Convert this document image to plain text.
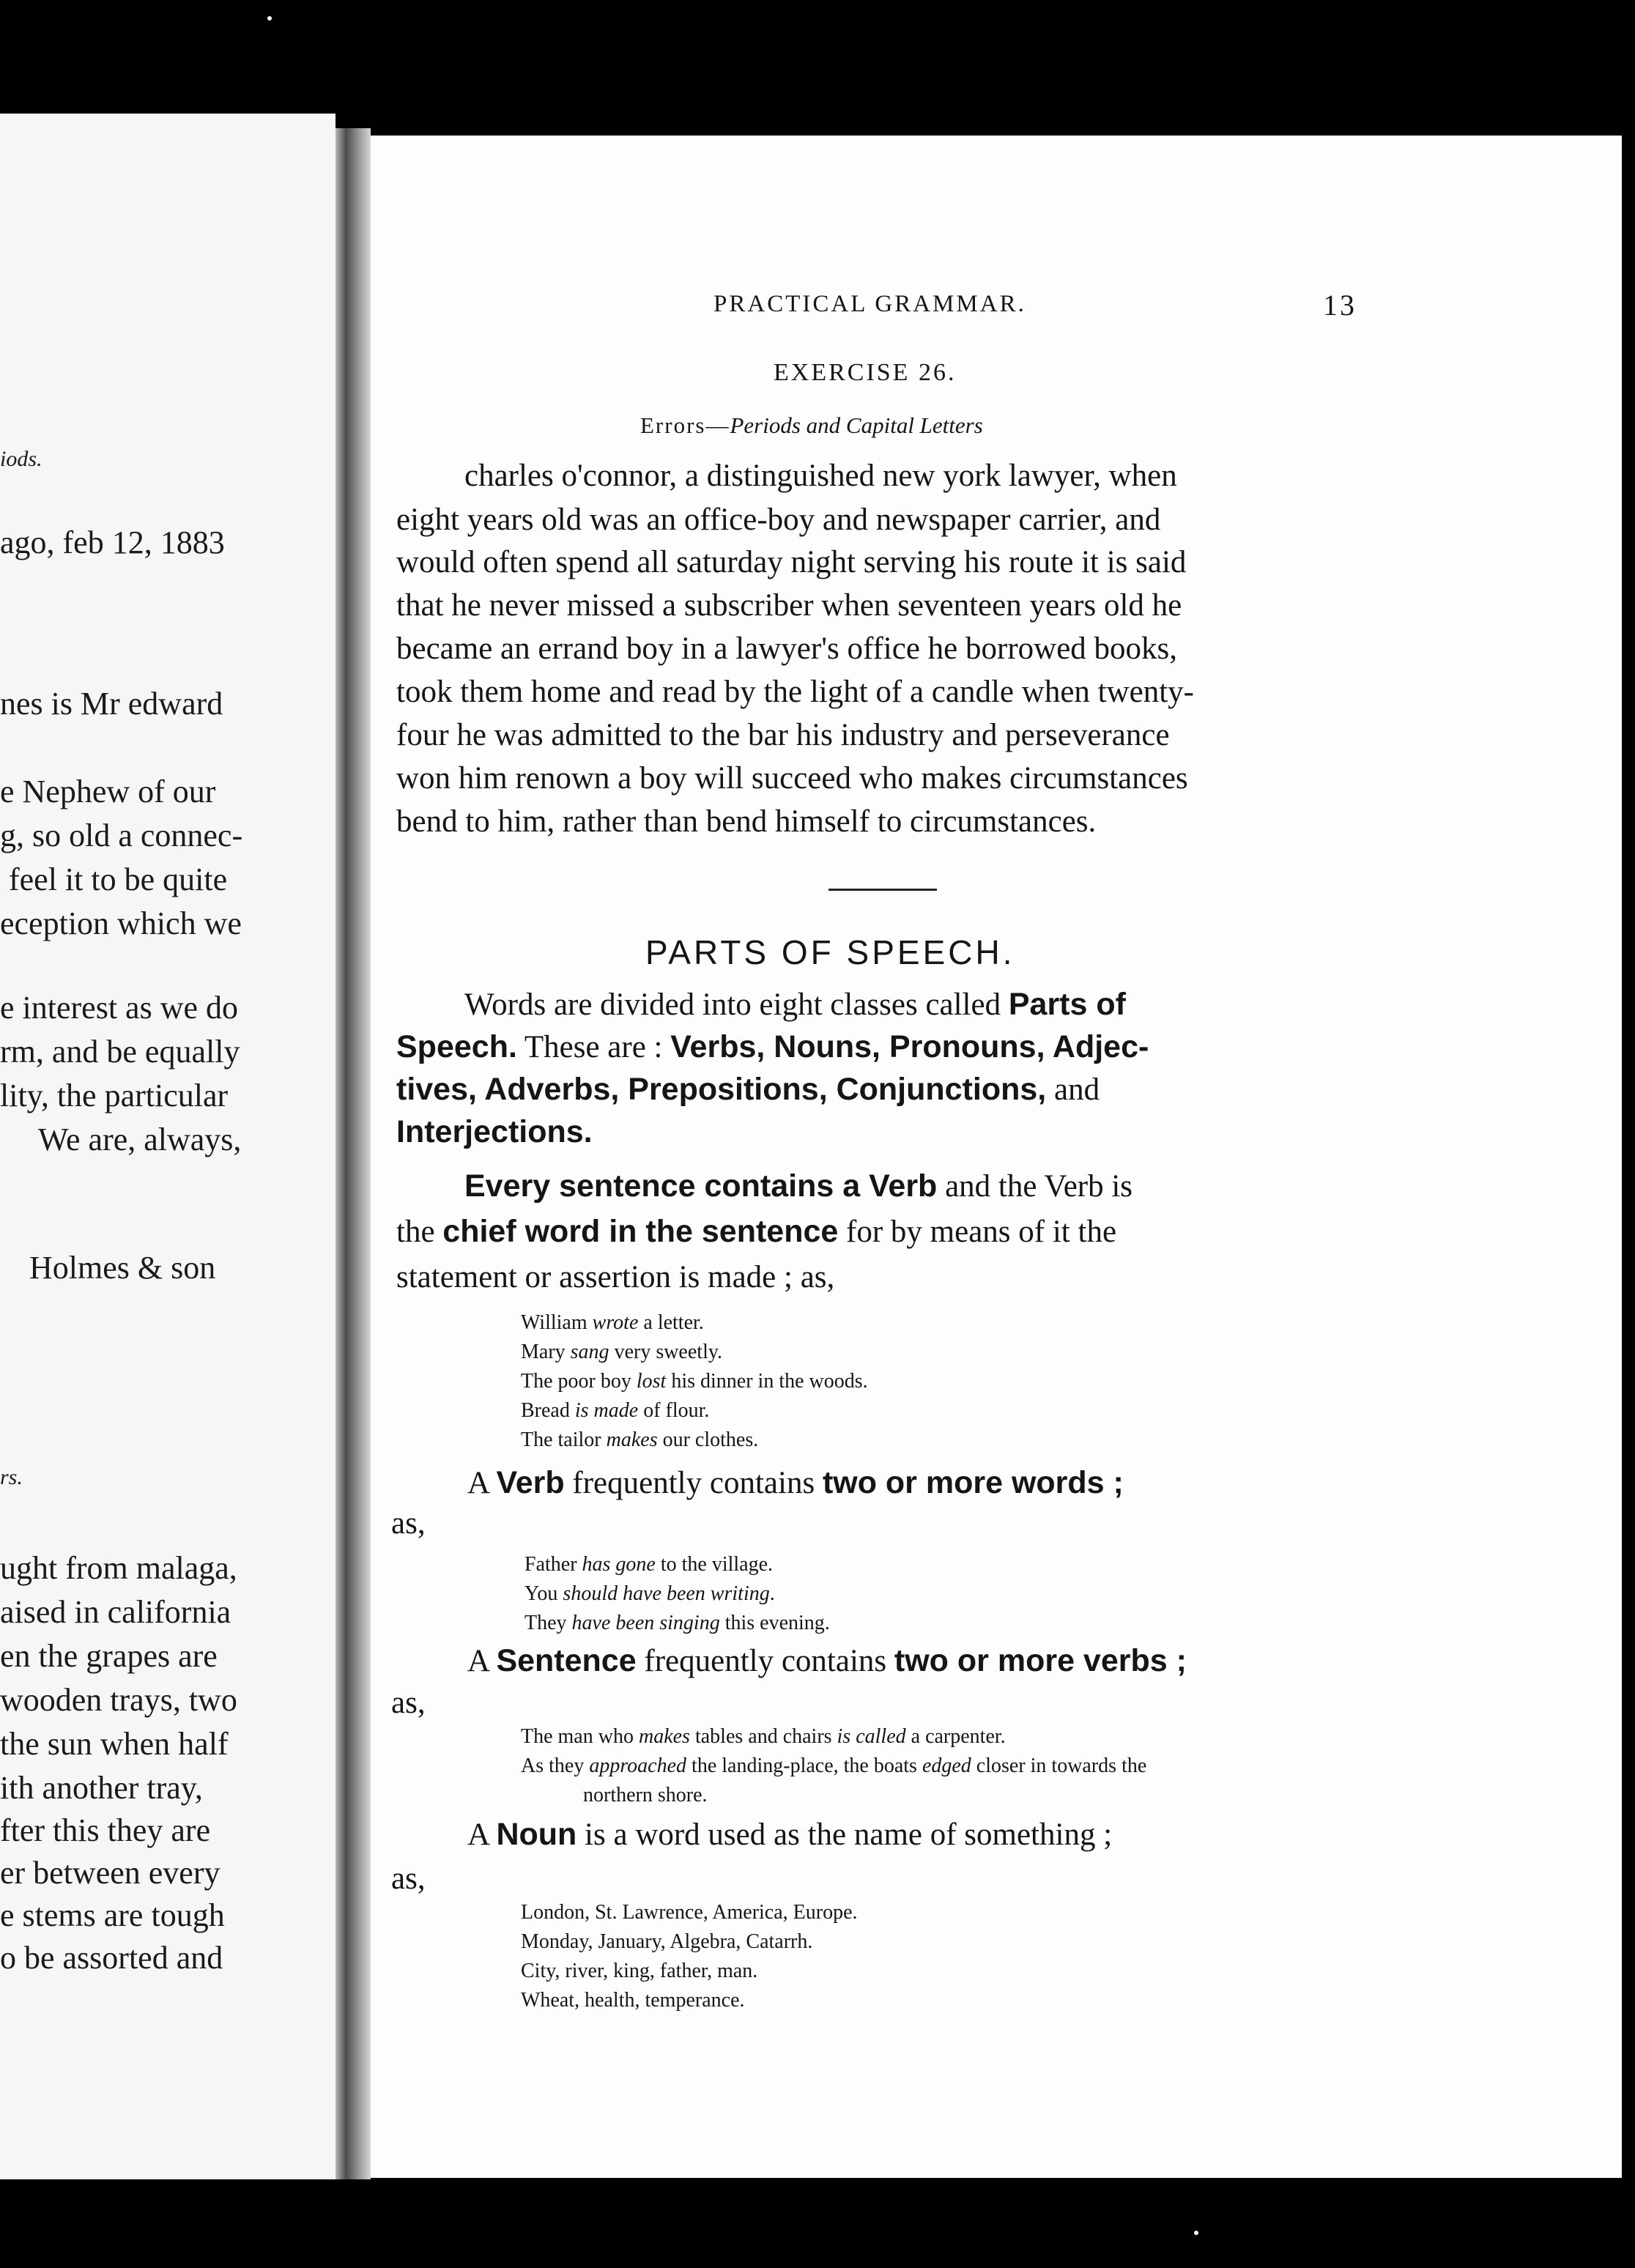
iods.
ago, feb 12, 1883
nes is Mr edward
e Nephew of our
g, so old a connec-
feel it to be quite
eception which we
e interest as we do
rm, and be equally
lity, the particular
We are, always,
Holmes & son
rs.
ught from malaga,
aised in california
en the grapes are
wooden trays, two
the sun when half
ith another tray,
fter this they are
er between every
e stems are tough
o be assorted and
PRACTICAL GRAMMAR.	13
EXERCISE 26.
Errors—Periods and Capital Letters
charles o'connor, a distinguished new york lawyer, when
eight years old was an office-boy and newspaper carrier, and
would often spend all saturday night serving his route it is said
that he never missed a subscriber when seventeen years old he
became an errand boy in a lawyer's office he borrowed books,
took them home and read by the light of a candle when twenty-
four he was admitted to the bar his industry and perseverance
won him renown a boy will succeed who makes circumstances
bend to him, rather than bend himself to circumstances.
PARTS OF SPEECH.
Words are divided into eight classes called Parts of
Speech. These are : Verbs, Nouns, Pronouns, Adjec-
tives, Adverbs, Prepositions, Conjunctions, and
Interjections.
Every sentence contains a Verb and the Verb is
the chief word in the sentence for by means of it the
statement or assertion is made ; as,
William wrote a letter.
Mary sang very sweetly.
The poor boy lost his dinner in the woods.
Bread is made of flour.
The tailor makes our clothes.
A Verb frequently contains two or more words ;
as,
Father has gone to the village.
You should have been writing.
They have been singing this evening.
A Sentence frequently contains two or more verbs ;
as,
The man who makes tables and chairs is called a carpenter.
As they approached the landing-place, the boats edged closer in towards the
northern shore.
A Noun is a word used as the name of something ;
as,
London, St. Lawrence, America, Europe.
Monday, January, Algebra, Catarrh.
City, river, king, father, man.
Wheat, health, temperance.
